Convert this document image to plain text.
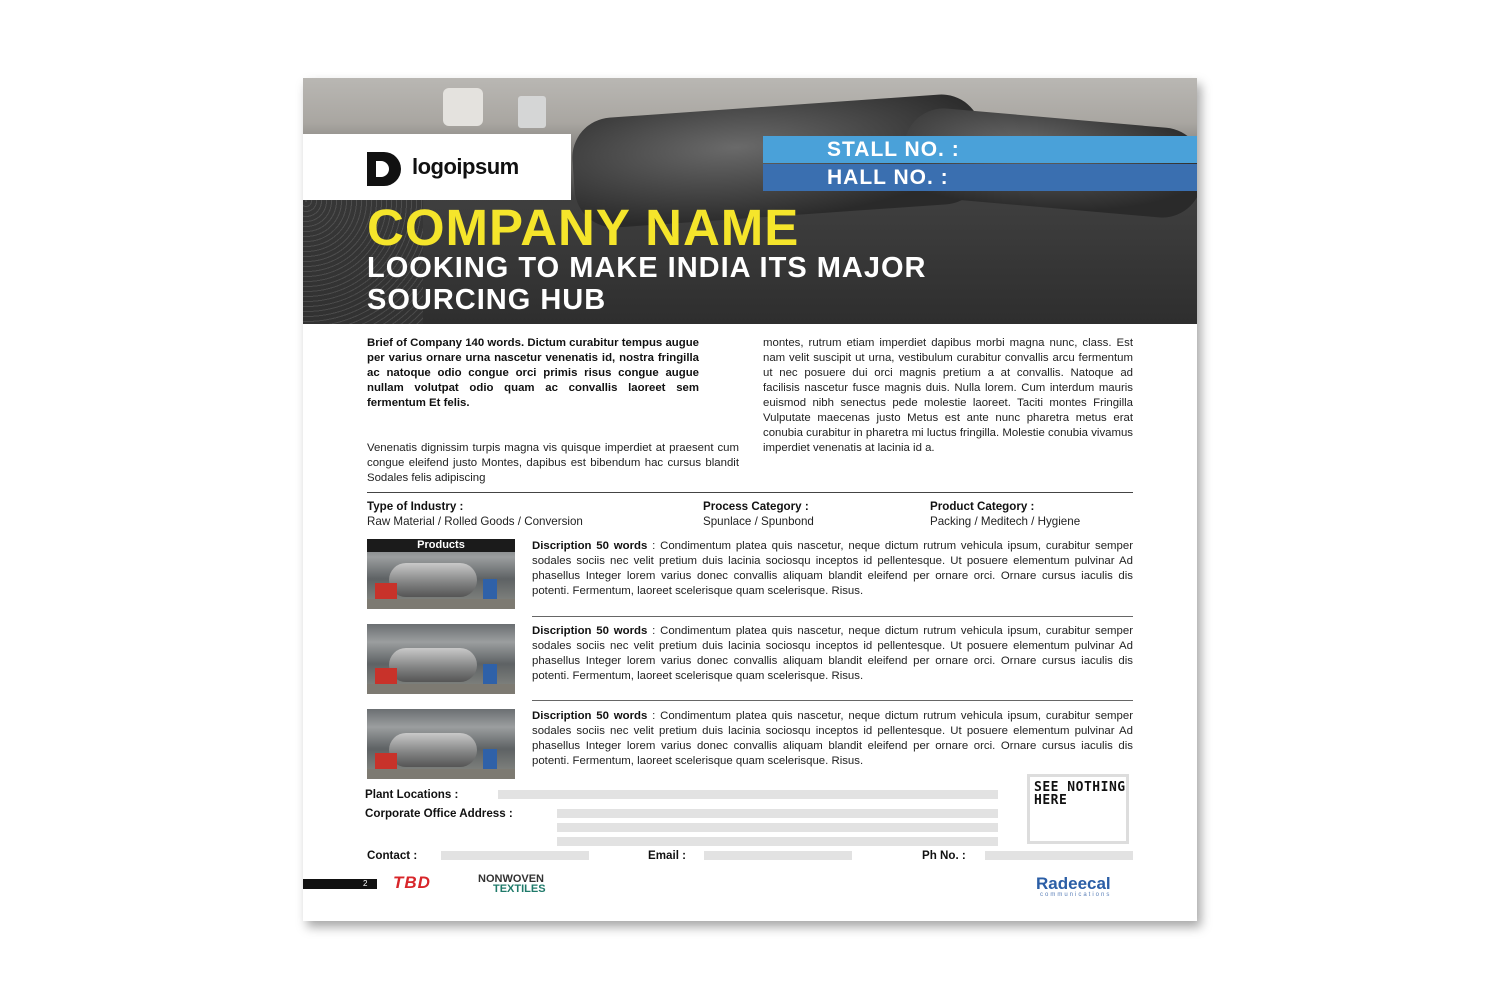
logoipsum
STALL NO. :
HALL NO. :
COMPANY NAME
LOOKING TO MAKE INDIA ITS MAJOR SOURCING HUB
Brief of Company 140 words. Dictum curabitur tempus augue per varius ornare urna nascetur venenatis id, nostra fringilla ac natoque odio congue orci primis risus congue augue nullam volutpat odio quam ac convallis laoreet sem fermentum Et felis.
Venenatis dignissim turpis magna vis quisque imperdiet at praesent cum congue eleifend justo Montes, dapibus est bibendum hac cursus blandit Sodales felis adipiscing
montes, rutrum etiam imperdiet dapibus morbi magna nunc, class. Est nam velit suscipit ut urna, vestibulum curabitur convallis arcu fermentum ut nec posuere dui orci magnis pretium a at convallis. Natoque ad facilisis nascetur fusce magnis duis. Nulla lorem. Cum interdum mauris euismod nibh senectus pede molestie laoreet. Taciti montes Fringilla Vulputate maecenas justo Metus est ante nunc pharetra metus erat conubia curabitur in pharetra mi luctus fringilla. Molestie conubia vivamus imperdiet venenatis at lacinia id a.
Type of Industry :
Raw Material / Rolled Goods / Conversion
Process Category :
Spunlace / Spunbond
Product Category :
Packing / Meditech / Hygiene
Products	Discription 50 words : Condimentum platea quis nascetur, neque dictum rutrum vehicula ipsum, curabitur semper sodales sociis nec velit pretium duis lacinia sociosqu inceptos id pellentesque. Ut posuere elementum pulvinar Ad phasellus Integer lorem varius donec convallis aliquam blandit eleifend per ornare orci. Ornare cursus iaculis dis potenti. Fermentum, laoreet scelerisque quam scelerisque. Risus.
Discription 50 words : Condimentum platea quis nascetur, neque dictum rutrum vehicula ipsum, curabitur semper sodales sociis nec velit pretium duis lacinia sociosqu inceptos id pellentesque. Ut posuere elementum pulvinar Ad phasellus Integer lorem varius donec convallis aliquam blandit eleifend per ornare orci. Ornare cursus iaculis dis potenti. Fermentum, laoreet scelerisque quam scelerisque. Risus.
Discription 50 words : Condimentum platea quis nascetur, neque dictum rutrum vehicula ipsum, curabitur semper sodales sociis nec velit pretium duis lacinia sociosqu inceptos id pellentesque. Ut posuere elementum pulvinar Ad phasellus Integer lorem varius donec convallis aliquam blandit eleifend per ornare orci. Ornare cursus iaculis dis potenti. Fermentum, laoreet scelerisque quam scelerisque. Risus.
Plant Locations :
Corporate Office Address :
SEE NOTHING HERE
Contact :	Email :	Ph No. :
2 TBD	NONWOVEN
TEXTILES	Radeecal
communications
